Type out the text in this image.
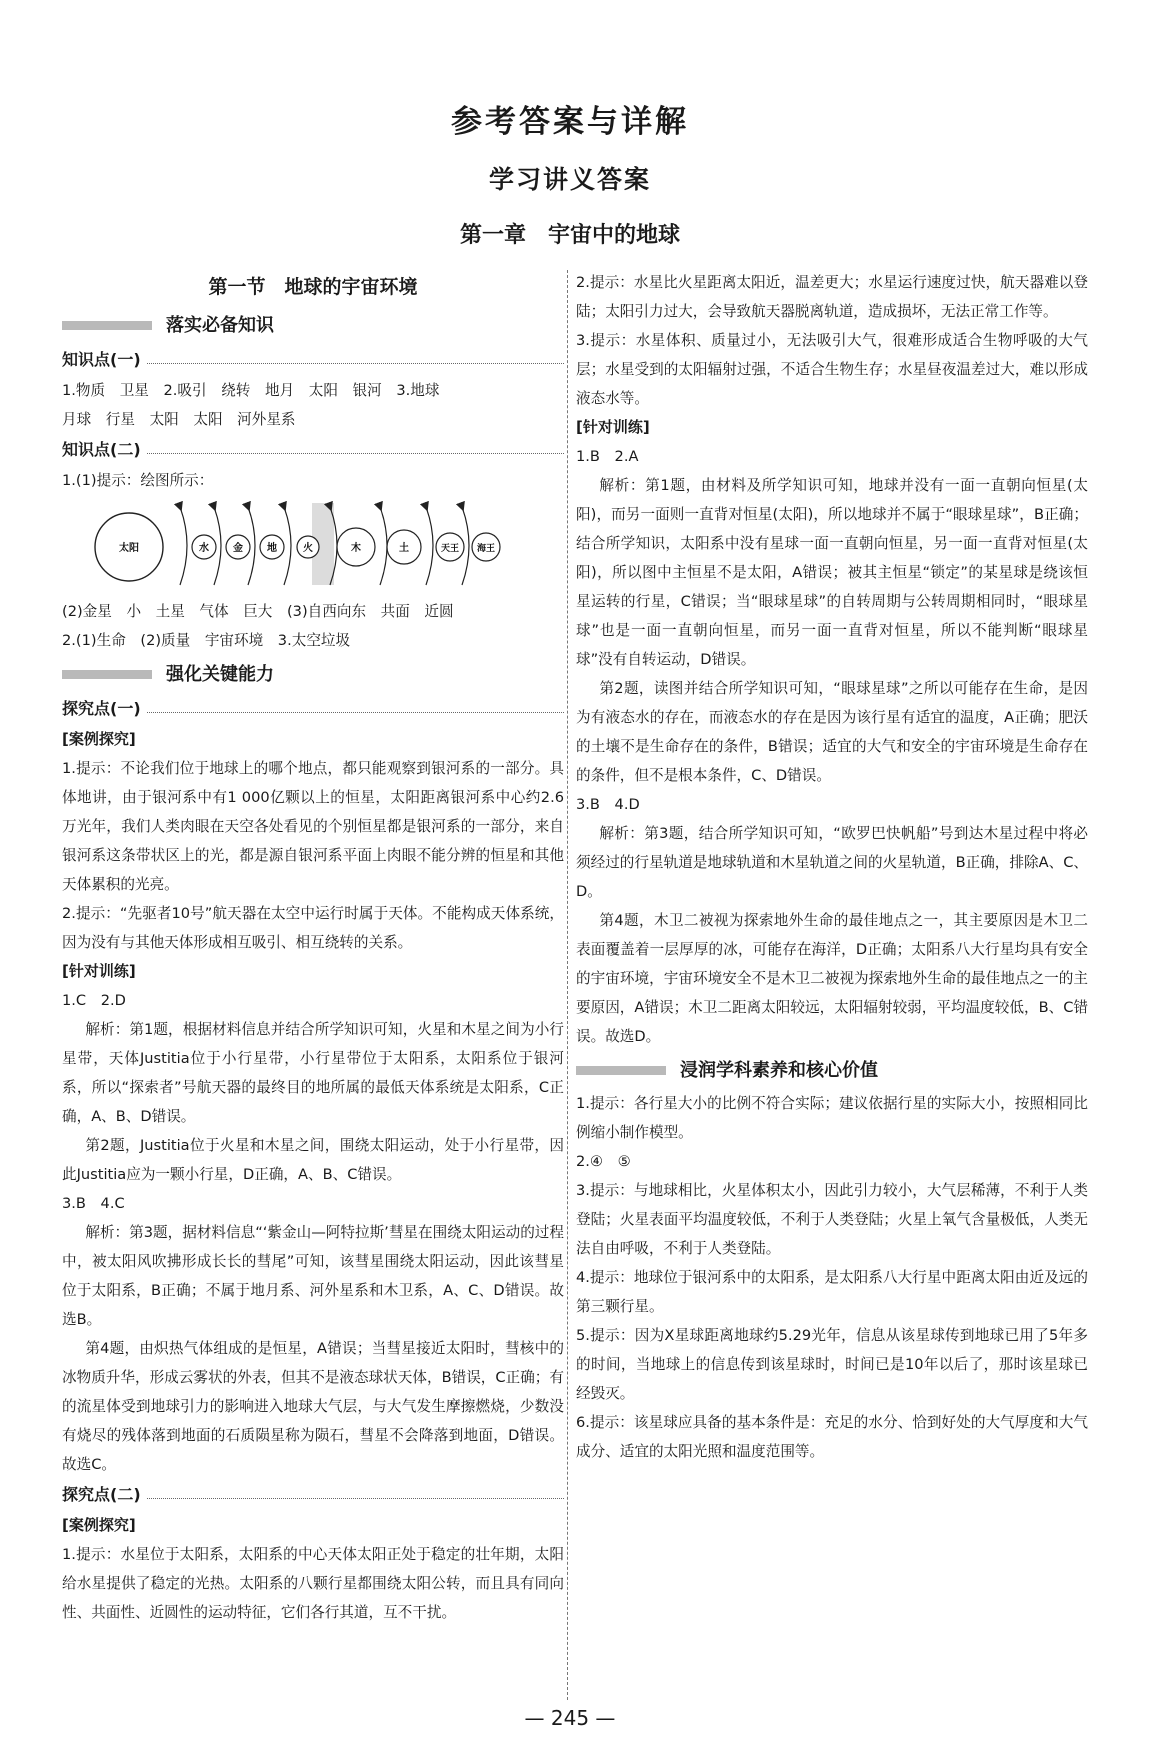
参考答案与详解
学习讲义答案
第一章　宇宙中的地球
第一节　地球的宇宙环境
落实必备知识
知识点(一)

1.物质　卫星　2.吸引　绕转　地月　太阳　银河　3.地球

月球　行星　太阳　太阳　河外星系

知识点(二)

1.(1)提示：绘图所示：

太阳	水 金 地	火	木	土	天王 海王

(2)金星　小　土星　气体　巨大　(3)自西向东　共面　近圆

2.(1)生命　(2)质量　宇宙环境　3.太空垃圾

强化关键能力
探究点(一)
[案例探究]

1.提示：不论我们位于地球上的哪个地点，都只能观察到银河系的一部分。具体地讲，由于银河系中有1 000亿颗以上的恒星，太阳距离银河系中心约2.6万光年，我们人类肉眼在天空各处看见的个别恒星都是银河系的一部分，来自银河系这条带状区上的光，都是源自银河系平面上肉眼不能分辨的恒星和其他天体累积的光亮。

2.提示：“先驱者10号”航天器在太空中运行时属于天体。不能构成天体系统，因为没有与其他天体形成相互吸引、相互绕转的关系。

[针对训练]

1.C　2.D

解析：第1题，根据材料信息并结合所学知识可知，火星和木星之间为小行星带，天体Justitia位于小行星带，小行星带位于太阳系，太阳系位于银河系，所以“探索者”号航天器的最终目的地所属的最低天体系统是太阳系，C正确，A、B、D错误。

第2题，Justitia位于火星和木星之间，围绕太阳运动，处于小行星带，因此Justitia应为一颗小行星，D正确，A、B、C错误。

3.B　4.C

解析：第3题，据材料信息“‘紫金山—阿特拉斯’彗星在围绕太阳运动的过程中，被太阳风吹拂形成长长的彗尾”可知，该彗星围绕太阳运动，因此该彗星位于太阳系，B正确；不属于地月系、河外星系和木卫系，A、C、D错误。故选B。

第4题，由炽热气体组成的是恒星，A错误；当彗星接近太阳时，彗核中的冰物质升华，形成云雾状的外表，但其不是液态球状天体，B错误，C正确；有的流星体受到地球引力的影响进入地球大气层，与大气发生摩擦燃烧，少数没有烧尽的残体落到地面的石质陨星称为陨石，彗星不会降落到地面，D错误。故选C。

探究点(二)
[案例探究]

1.提示：水星位于太阳系，太阳系的中心天体太阳正处于稳定的壮年期，太阳给水星提供了稳定的光热。太阳系的八颗行星都围绕太阳公转，而且具有同向性、共面性、近圆性的运动特征，它们各行其道，互不干扰。

2.提示：水星比火星距离太阳近，温差更大；水星运行速度过快，航天器难以登陆；太阳引力过大，会导致航天器脱离轨道，造成损坏，无法正常工作等。

3.提示：水星体积、质量过小，无法吸引大气，很难形成适合生物呼吸的大气层；水星受到的太阳辐射过强，不适合生物生存；水星昼夜温差过大，难以形成液态水等。

[针对训练]

1.B　2.A

解析：第1题，由材料及所学知识可知，地球并没有一面一直朝向恒星(太阳)，而另一面则一直背对恒星(太阳)，所以地球并不属于“眼球星球”，B正确；结合所学知识，太阳系中没有星球一面一直朝向恒星，另一面一直背对恒星(太阳)，所以图中主恒星不是太阳，A错误；被其主恒星“锁定”的某星球是绕该恒星运转的行星，C错误；当“眼球星球”的自转周期与公转周期相同时，“眼球星球”也是一面一直朝向恒星，而另一面一直背对恒星，所以不能判断“眼球星球”没有自转运动，D错误。

第2题，读图并结合所学知识可知，“眼球星球”之所以可能存在生命，是因为有液态水的存在，而液态水的存在是因为该行星有适宜的温度，A正确；肥沃的土壤不是生命存在的条件，B错误；适宜的大气和安全的宇宙环境是生命存在的条件，但不是根本条件，C、D错误。

3.B　4.D

解析：第3题，结合所学知识可知，“欧罗巴快帆船”号到达木星过程中将必须经过的行星轨道是地球轨道和木星轨道之间的火星轨道，B正确，排除A、C、D。

第4题，木卫二被视为探索地外生命的最佳地点之一，其主要原因是木卫二表面覆盖着一层厚厚的冰，可能存在海洋，D正确；太阳系八大行星均具有安全的宇宙环境，宇宙环境安全不是木卫二被视为探索地外生命的最佳地点之一的主要原因，A错误；木卫二距离太阳较远，太阳辐射较弱，平均温度较低，B、C错误。故选D。

浸润学科素养和核心价值

1.提示：各行星大小的比例不符合实际；建议依据行星的实际大小，按照相同比例缩小制作模型。

2.④　⑤

3.提示：与地球相比，火星体积太小，因此引力较小，大气层稀薄，不利于人类登陆；火星表面平均温度较低，不利于人类登陆；火星上氧气含量极低，人类无法自由呼吸，不利于人类登陆。

4.提示：地球位于银河系中的太阳系，是太阳系八大行星中距离太阳由近及远的第三颗行星。

5.提示：因为X星球距离地球约5.29光年，信息从该星球传到地球已用了5年多的时间，当地球上的信息传到该星球时，时间已是10年以后了，那时该星球已经毁灭。

6.提示：该星球应具备的基本条件是：充足的水分、恰到好处的大气厚度和大气成分、适宜的太阳光照和温度范围等。

— 245 —
